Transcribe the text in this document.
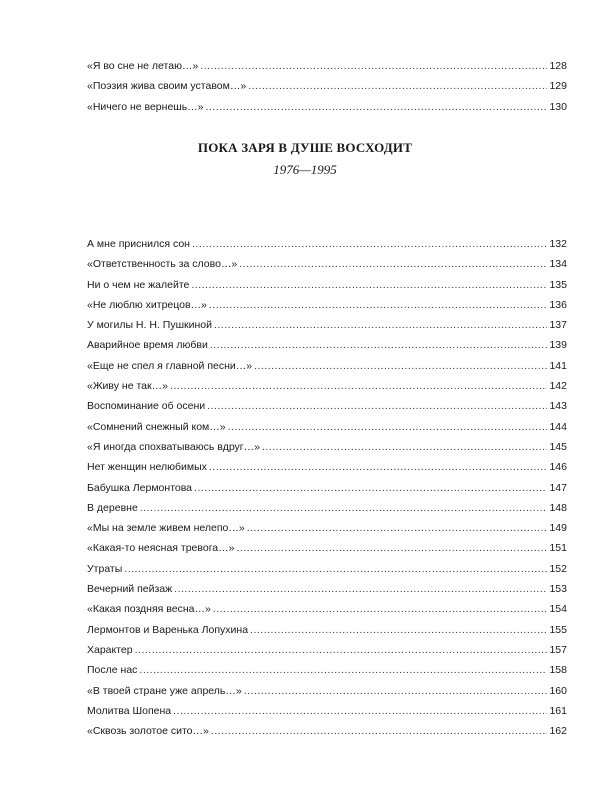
«Я во сне не летаю…» .....	128
«Поэзия жива своим уставом…» .....	129
«Ничего не вернешь…» .....	130
ПОКА ЗАРЯ В ДУШЕ ВОСХОДИТ

1976—1995

А мне приснился сон .....	132
«Ответственность за слово…» .....	134
Ни о чем не жалейте .....	135
«Не люблю хитрецов…» .....	136
У могилы Н. Н. Пушкиной .....	137
Аварийное время любви .....	139
«Еще не спел я главной песни…» .....	141
«Живу не так…» .....	142
Воспоминание об осени .....	143
«Сомнений снежный ком…» .....	144
«Я иногда спохватываюсь вдруг…» .....	145
Нет женщин нелюбимых .....	146
Бабушка Лермонтова .....	147
В деревне .....	148
«Мы на земле живем нелепо…» .....	149
«Какая-то неясная тревога…» .....	151
Утраты .....	152
Вечерний пейзаж .....	153
«Какая поздняя весна…» .....	154
Лермонтов и Варенька Лопухина .....	155
Характер .....	157
После нас .....	158
«В твоей стране уже апрель…» .....	160
Молитва Шопена .....	161
«Сквозь золотое сито…» .....	162
